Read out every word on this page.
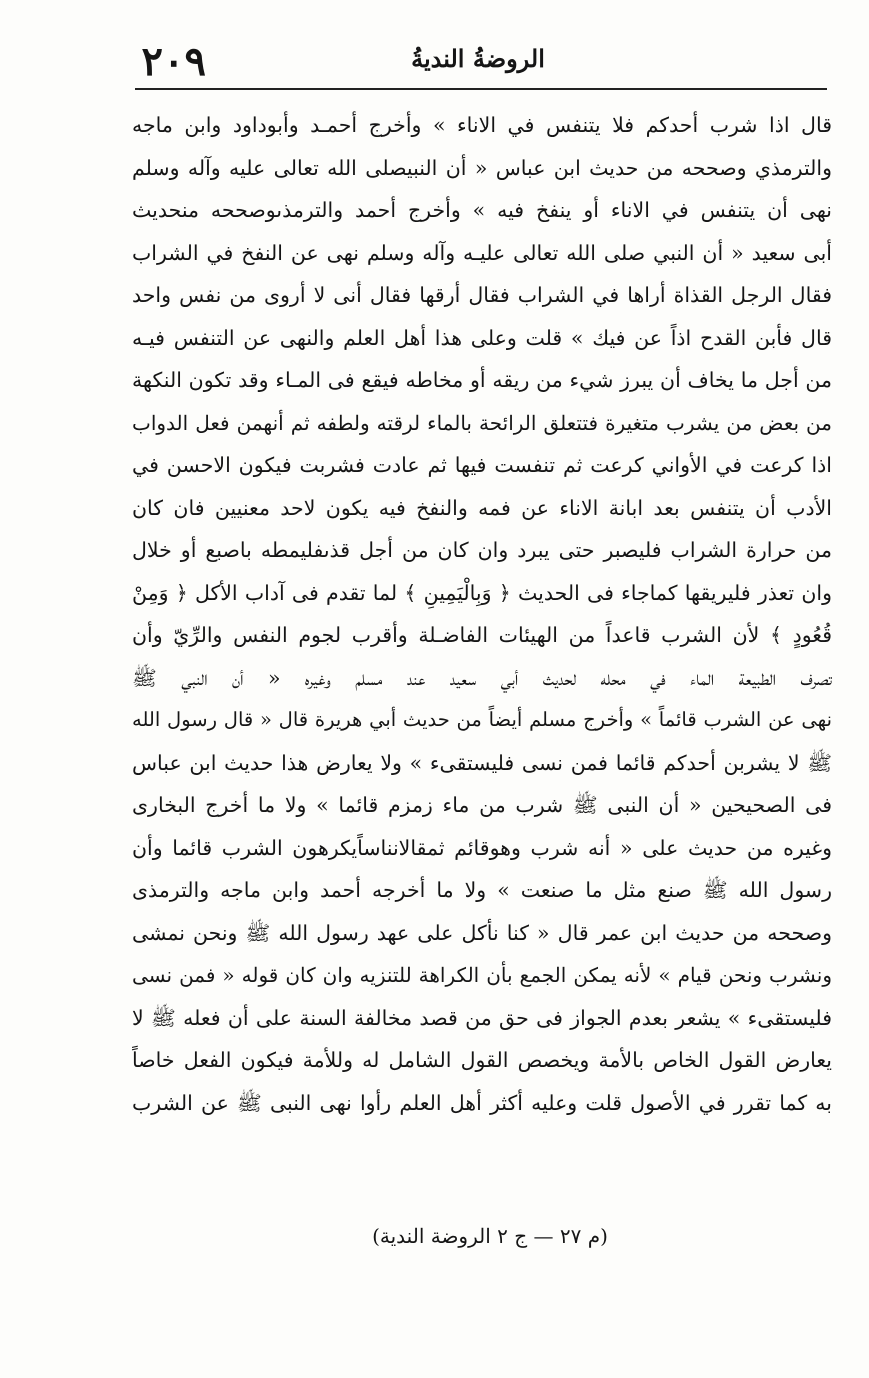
٢٠٩	الروضةُ النديةُ
قال اذا شرب أحدكم فلا يتنفس في الاناء » وأخرج أحمـد وأبوداود وابن ماجه
والترمذي وصححه من حديث ابن عباس « أن النبيصلى الله تعالى عليه وآله وسلم
نهى أن يتنفس في الاناء أو ينفخ فيه » وأخرج أحمد والترمذىوصححه منحديث
أبى سعيد « أن النبي صلى الله تعالى عليـه وآله وسلم نهى عن النفخ في الشراب
فقال الرجل القذاة أراها في الشراب فقال أرقها فقال أنى لا أروى من نفس واحد
قال فأبن القدح اذاً عن فيك » قلت وعلى هذا أهل العلم والنهى عن التنفس فيـه
من أجل ما يخاف أن يبرز شيء من ريقه أو مخاطه فيقع فى المـاء وقد تكون النكهة
من بعض من يشرب متغيرة فتتعلق الرائحة بالماء لرقته ولطفه ثم أنهمن فعل الدواب
اذا كرعت في الأواني كرعت ثم تنفست فيها ثم عادت فشربت فيكون الاحسن في
الأدب أن يتنفس بعد ابانة الاناء عن فمه والنفخ فيه يكون لاحد معنيين فان كان
من حرارة الشراب فليصبر حتى يبرد وان كان من أجل قذىفليمطه باصبع أو خلال
وان تعذر فليريقها كماجاء فى الحديث ﴿ وَبِالْيَمِينِ ﴾ لما تقدم فى آداب الأكل ﴿ وَمِنْ
قُعُودٍ ﴾ لأن الشرب قاعداً من الهيئات الفاضـلة وأقرب لجوم النفس والرِّيّ وأن
تصرف الطبيعة الماء في محله لحديث أبي سعيد عند مسلم وغيره « أن النبي ﷺ
نهى عن الشرب قائماً » وأخرج مسلم أيضاً من حديث أبي هريرة قال « قال رسول الله
ﷺ لا يشربن أحدكم قائما فمن نسى فليستقىء » ولا يعارض هذا حديث ابن عباس
فى الصحيحين « أن النبى ﷺ شرب من ماء زمزم قائما » ولا ما أخرج البخارى
وغيره من حديث على « أنه شرب وهوقائم ثمقالانناساًيكرهون الشرب قائما وأن
رسول الله ﷺ صنع مثل ما صنعت » ولا ما أخرجه أحمد وابن ماجه والترمذى
وصححه من حديث ابن عمر قال « كنا نأكل على عهد رسول الله ﷺ ونحن نمشى
ونشرب ونحن قيام » لأنه يمكن الجمع بأن الكراهة للتنزيه وان كان قوله « فمن نسى
فليستقىء » يشعر بعدم الجواز فى حق من قصد مخالفة السنة على أن فعله ﷺ لا
يعارض القول الخاص بالأمة ويخصص القول الشامل له وللأمة فيكون الفعل خاصاً
به كما تقرر في الأصول قلت وعليه أكثر أهل العلم رأوا نهى النبى ﷺ عن الشرب
(م ٢٧ — ج ٢ الروضة الندية)
